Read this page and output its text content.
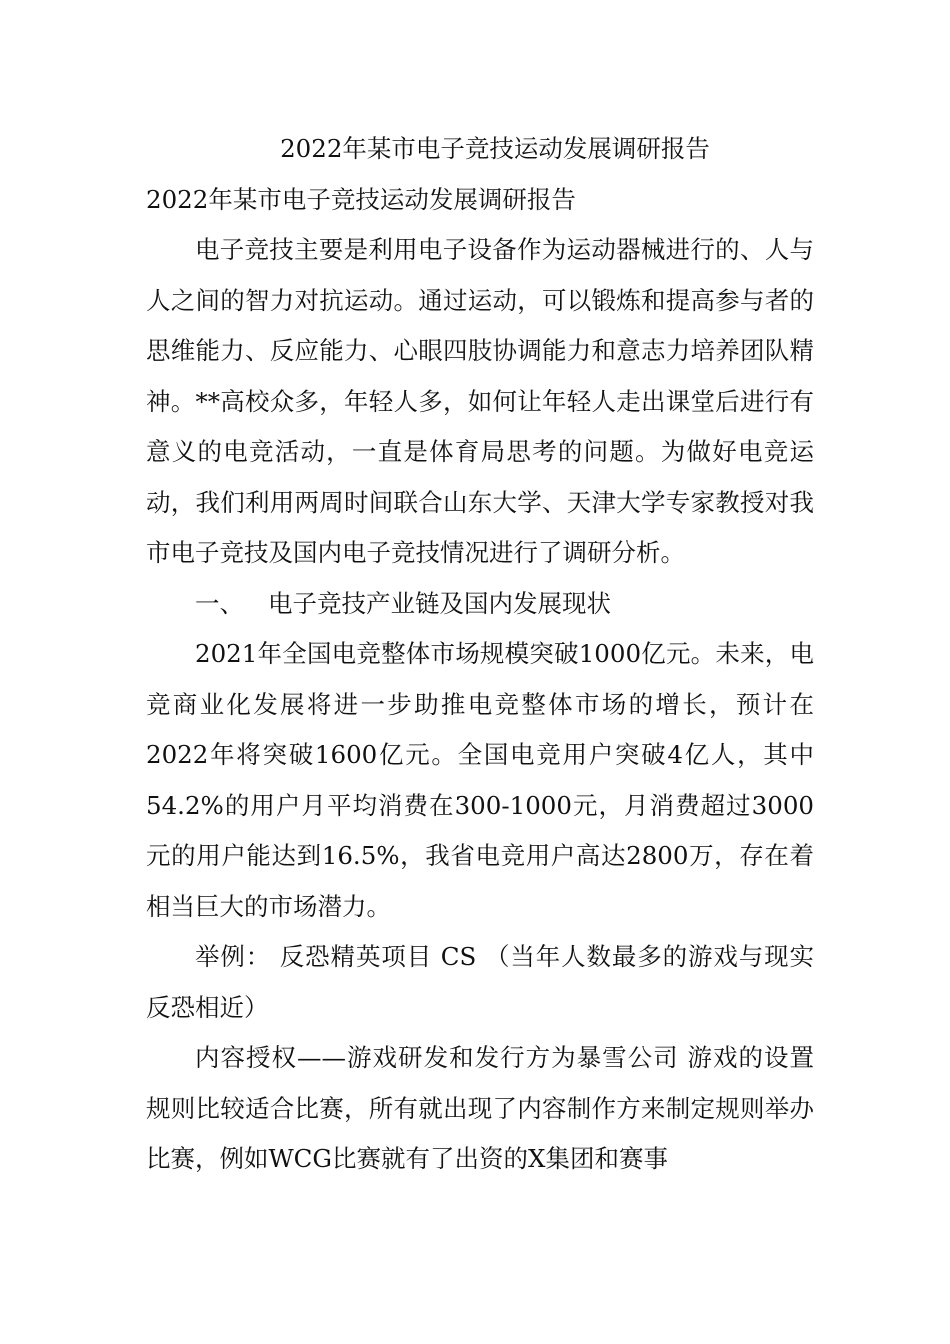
2022年某市电子竞技运动发展调研报告

2022年某市电子竞技运动发展调研报告

电子竞技主要是利用电子设备作为运动器械进行的、人与人之间的智力对抗运动。通过运动，可以锻炼和提高参与者的思维能力、反应能力、心眼四肢协调能力和意志力培养团队精神。**高校众多，年轻人多，如何让年轻人走出课堂后进行有意义的电竞活动，一直是体育局思考的问题。为做好电竞运动，我们利用两周时间联合山东大学、天津大学专家教授对我市电子竞技及国内电子竞技情况进行了调研分析。

一、 电子竞技产业链及国内发展现状

2021年全国电竞整体市场规模突破1000亿元。未来，电竞商业化发展将进一步助推电竞整体市场的增长，预计在2022年将突破1600亿元。全国电竞用户突破4亿人，其中54.2%的用户月平均消费在300-1000元，月消费超过3000元的用户能达到16.5%，我省电竞用户高达2800万，存在着相当巨大的市场潜力。

举例： 反恐精英项目 CS （当年人数最多的游戏与现实反恐相近）

内容授权——游戏研发和发行方为暴雪公司 游戏的设置规则比较适合比赛，所有就出现了内容制作方来制定规则举办比赛，例如WCG比赛就有了出资的X集团和赛事
